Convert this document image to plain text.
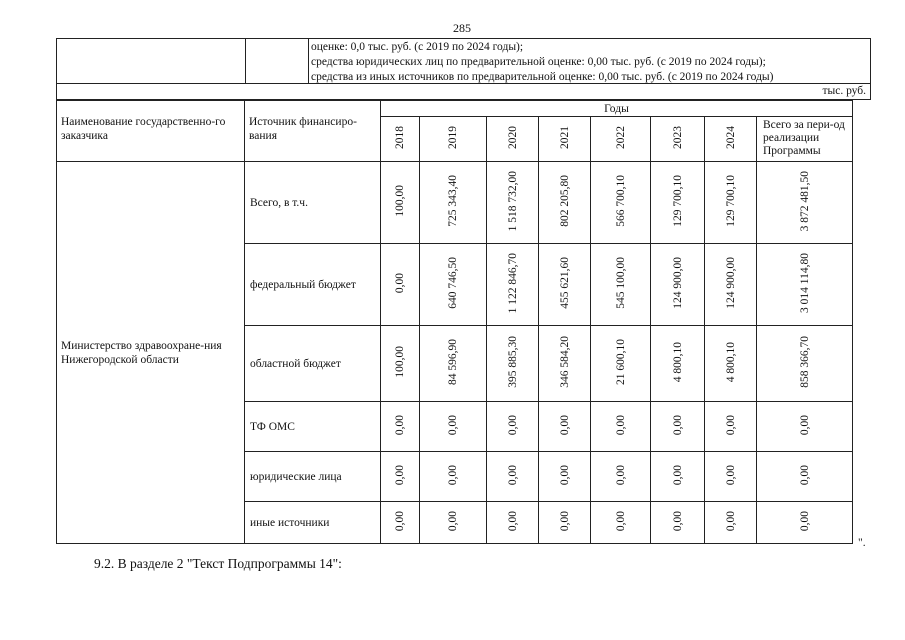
285
оценке: 0,0 тыс. руб. (с 2019 по 2024 годы);
средства юридических лиц по предварительной оценке: 0,00 тыс. руб. (с 2019 по 2024 годы);
средства из иных источников по предварительной оценке: 0,00 тыс. руб. (с 2019 по 2024 годы)
тыс. руб.
Наименование государственно-го заказчика	Источник финансиро-вания	Годы							
		2018	2019	2020	2021	2022	2023	2024	Всего за пери-од реализации Программы
Министерство здравоохране-ния Нижегородской области	Всего, в т.ч.	100,00	725 343,40	1 518 732,00	802 205,80	566 700,10	129 700,10	129 700,10	3 872 481,50
	федеральный бюджет	0,00	640 746,50	1 122 846,70	455 621,60	545 100,00	124 900,00	124 900,00	3 014 114,80
	областной бюджет	100,00	84 596,90	395 885,30	346 584,20	21 600,10	4 800,10	4 800,10	858 366,70
	ТФ ОМС	0,00	0,00	0,00	0,00	0,00	0,00	0,00	0,00
	юридические лица	0,00	0,00	0,00	0,00	0,00	0,00	0,00	0,00
	иные источники	0,00	0,00	0,00	0,00	0,00	0,00	0,00	0,00
".
9.2. В разделе 2 "Текст Подпрограммы 14":
